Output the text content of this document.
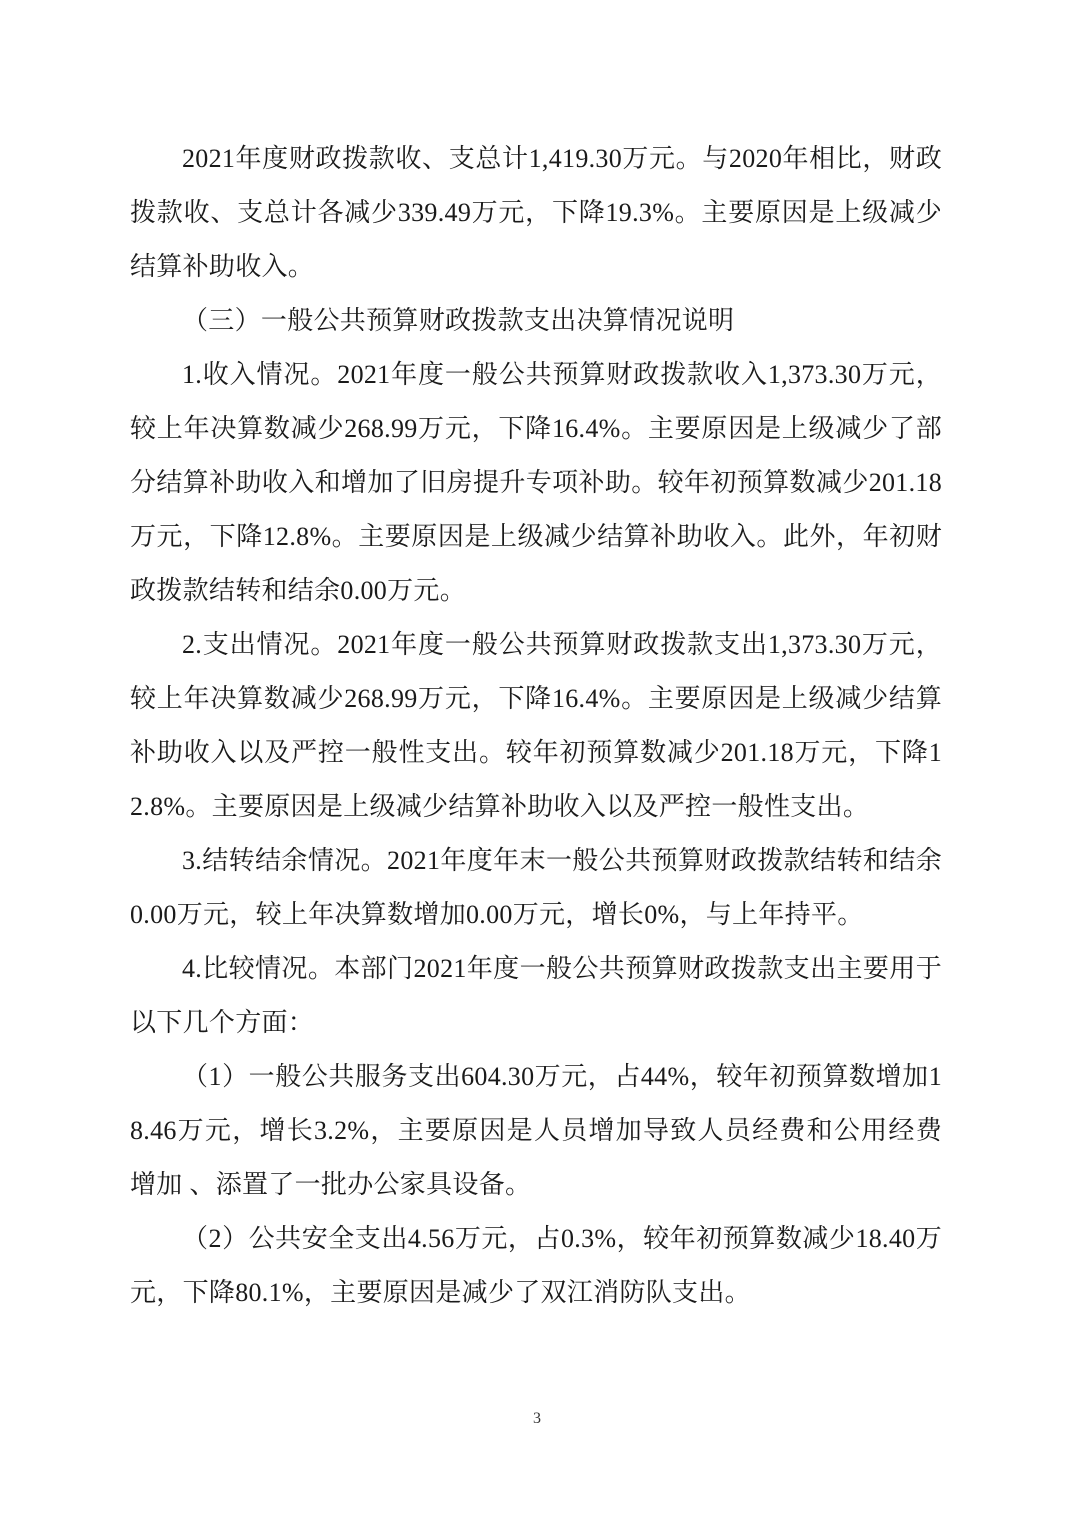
2021年度财政拨款收、支总计1,419.30万元。与2020年相比，财政拨款收、支总计各减少339.49万元，下降19.3%。主要原因是上级减少结算补助收入。

（三）一般公共预算财政拨款支出决算情况说明

1.收入情况。2021年度一般公共预算财政拨款收入1,373.30万元，较上年决算数减少268.99万元，下降16.4%。主要原因是上级减少了部分结算补助收入和增加了旧房提升专项补助。较年初预算数减少201.18万元，下降12.8%。主要原因是上级减少结算补助收入。此外，年初财政拨款结转和结余0.00万元。

2.支出情况。2021年度一般公共预算财政拨款支出1,373.30万元，较上年决算数减少268.99万元，下降16.4%。主要原因是上级减少结算补助收入以及严控一般性支出。较年初预算数减少201.18万元，下降12.8%。主要原因是上级减少结算补助收入以及严控一般性支出。

3.结转结余情况。2021年度年末一般公共预算财政拨款结转和结余0.00万元，较上年决算数增加0.00万元，增长0%，与上年持平。

4.比较情况。本部门2021年度一般公共预算财政拨款支出主要用于以下几个方面：

（1）一般公共服务支出604.30万元，占44%，较年初预算数增加18.46万元，增长3.2%，主要原因是人员增加导致人员经费和公用经费增加 、添置了一批办公家具设备。

（2）公共安全支出4.56万元，占0.3%，较年初预算数减少18.40万元，下降80.1%，主要原因是减少了双江消防队支出。

3
